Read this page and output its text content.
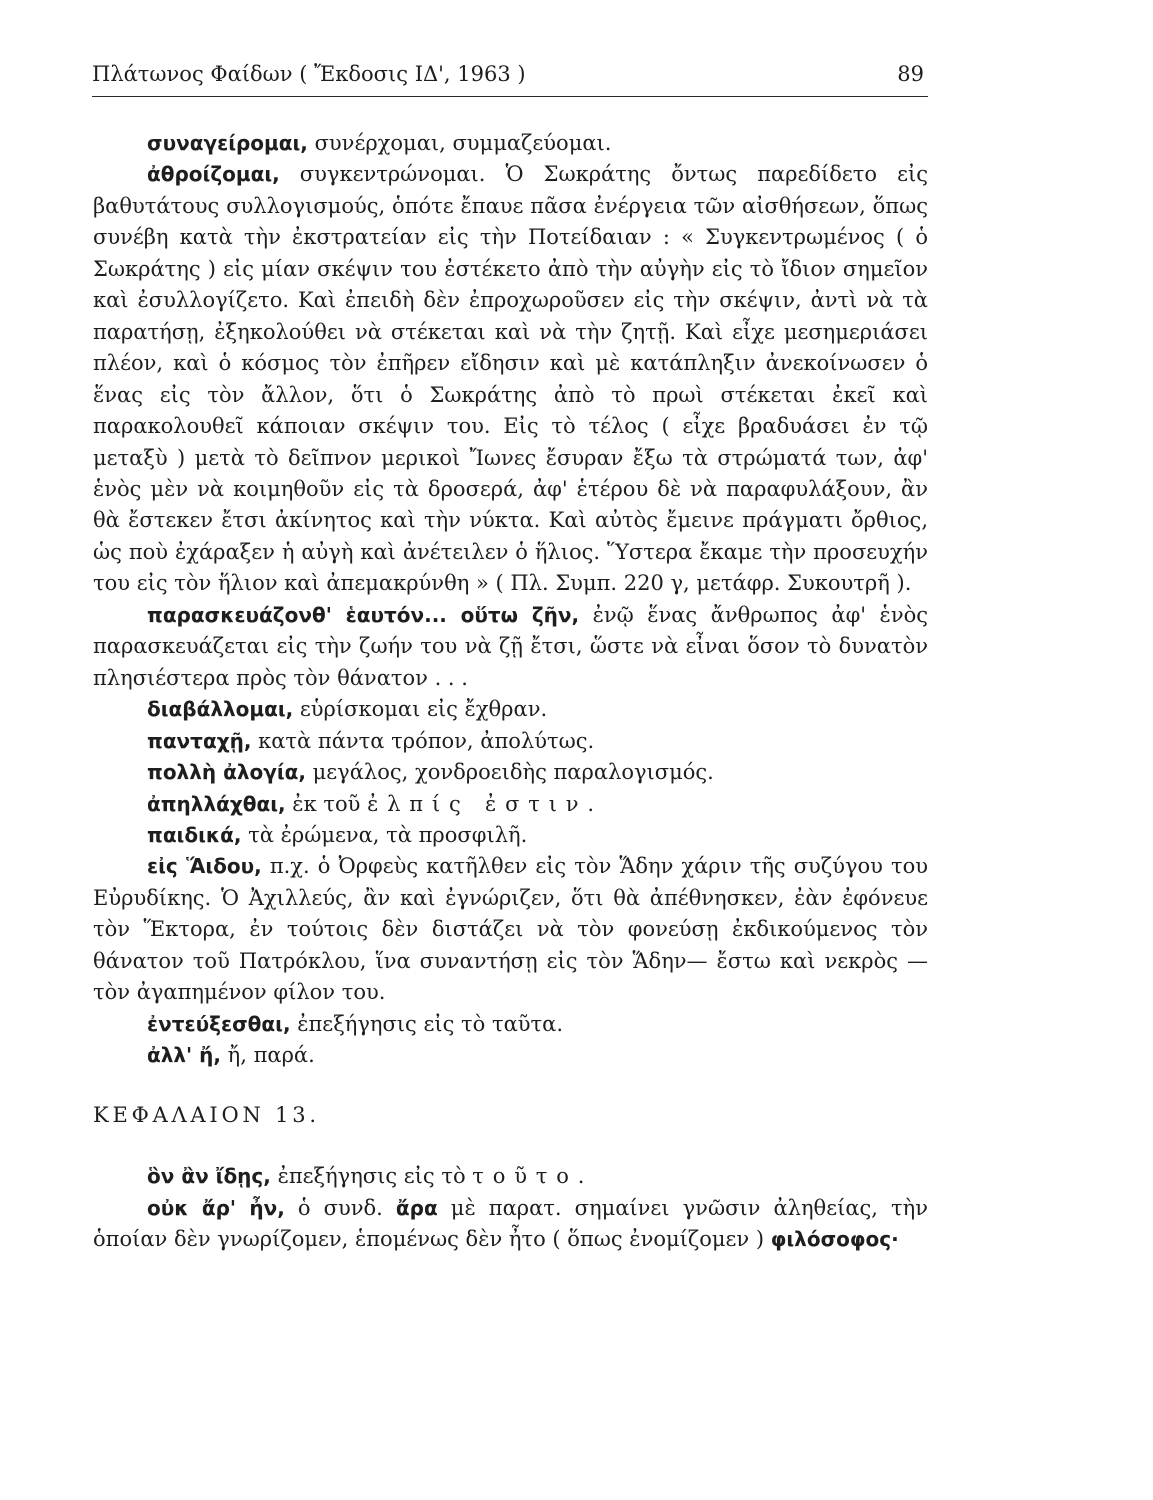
Πλάτωνος Φαίδων ( Ἔκδοσις ΙΔ', 1963 )	89

συναγείρομαι, συνέρχομαι, συμμαζεύομαι.

ἀθροίζομαι, συγκεντρώνομαι. Ὁ Σωκράτης ὄντως παρεδίδετο εἰς βαθυτάτους συλλογισμούς, ὁπότε ἔπαυε πᾶσα ἐνέργεια τῶν αἰσθήσεων, ὅπως συνέβη κατὰ τὴν ἐκστρατείαν εἰς τὴν Ποτείδαιαν : « Συγκεντρωμένος ( ὁ Σωκράτης ) εἰς μίαν σκέψιν του ἐστέκετο ἀπὸ τὴν αὐγὴν εἰς τὸ ἴδιον σημεῖον καὶ ἐσυλλογίζετο. Καὶ ἐπειδὴ δὲν ἐπροχωροῦσεν εἰς τὴν σκέψιν, ἀντὶ νὰ τὰ παρατήσῃ, ἐξηκολούθει νὰ στέκεται καὶ νὰ τὴν ζητῇ. Καὶ εἶχε μεσημεριάσει πλέον, καὶ ὁ κόσμος τὸν ἐπῆρεν εἴδησιν καὶ μὲ κατάπληξιν ἀνεκοίνωσεν ὁ ἕνας εἰς τὸν ἄλλον, ὅτι ὁ Σωκράτης ἀπὸ τὸ πρωὶ στέκεται ἐκεῖ καὶ παρακολουθεῖ κάποιαν σκέψιν του. Εἰς τὸ τέλος ( εἶχε βραδυάσει ἐν τῷ μεταξὺ ) μετὰ τὸ δεῖπνον μερικοὶ Ἴωνες ἔσυραν ἔξω τὰ στρώματά των, ἀφ' ἑνὸς μὲν νὰ κοιμηθοῦν εἰς τὰ δροσερά, ἀφ' ἑτέρου δὲ νὰ παραφυλάξουν, ἂν θὰ ἔστεκεν ἔτσι ἀκίνητος καὶ τὴν νύκτα. Καὶ αὐτὸς ἔμεινε πράγματι ὄρθιος, ὡς ποὺ ἐχάραξεν ἡ αὐγὴ καὶ ἀνέτειλεν ὁ ἥλιος. Ὕστερα ἔκαμε τὴν προσευχήν του εἰς τὸν ἥλιον καὶ ἀπεμακρύνθη » ( Πλ. Συμπ. 220 γ, μετάφρ. Συκουτρῆ ).

παρασκευάζονθ' ἑαυτόν... οὕτω ζῆν, ἐνῷ ἕνας ἄνθρωπος ἀφ' ἑνὸς παρασκευάζεται εἰς τὴν ζωήν του νὰ ζῇ ἔτσι, ὥστε νὰ εἶναι ὅσον τὸ δυνατὸν πλησιέστερα πρὸς τὸν θάνατον . . .

διαβάλλομαι, εὑρίσκομαι εἰς ἔχθραν.

πανταχῇ, κατὰ πάντα τρόπον, ἀπολύτως.

πολλὴ ἀλογία, μεγάλος, χονδροειδὴς παραλογισμός.

ἀπηλλάχθαι, ἐκ τοῦ ἐλπίς ἐστιν.

παιδικά, τὰ ἐρώμενα, τὰ προσφιλῆ.

εἰς Ἅιδου, π.χ. ὁ Ὀρφεὺς κατῆλθεν εἰς τὸν Ἅδην χάριν τῆς συζύγου του Εὐρυδίκης. Ὁ Ἀχιλλεύς, ἂν καὶ ἐγνώριζεν, ὅτι θὰ ἀπέθνησκεν, ἐὰν ἐφόνευε τὸν Ἕκτορα, ἐν τούτοις δὲν διστάζει νὰ τὸν φονεύσῃ ἐκδικούμενος τὸν θάνατον τοῦ Πατρόκλου, ἵνα συναντήσῃ εἰς τὸν Ἅδην— ἔστω καὶ νεκρὸς — τὸν ἀγαπημένον φίλον του.

ἐντεύξεσθαι, ἐπεξήγησις εἰς τὸ ταῦτα.

ἀλλ' ἤ, ἤ, παρά.

ΚΕΦΑΛΑΙΟΝ 13.

ὃν ἂν ἴδῃς, ἐπεξήγησις εἰς τὸ τοῦτο.

οὐκ ἄρ' ἦν, ὁ συνδ. ἄρα μὲ παρατ. σημαίνει γνῶσιν ἀληθείας, τὴν ὁποίαν δὲν γνωρίζομεν, ἑπομένως δὲν ἦτο ( ὅπως ἐνομίζομεν ) φιλόσοφος·
